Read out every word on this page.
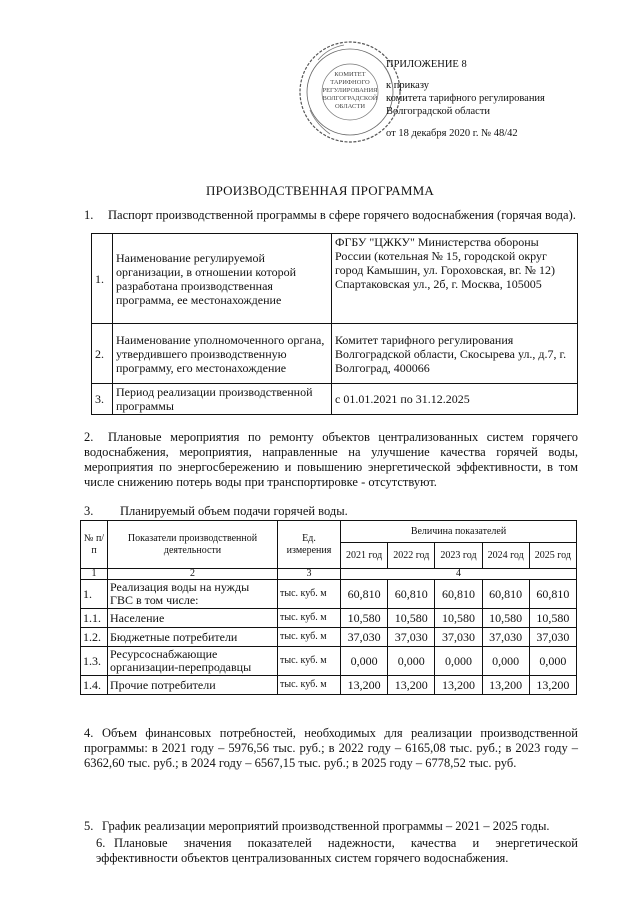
КОМИТЕТ
ТАРИФНОГО
РЕГУЛИРОВАНИЯ
ВОЛГОГРАДСКОЙ
ОБЛАСТИ
ПРИЛОЖЕНИЕ 8
к приказу
комитета тарифного регулирования
Волгоградской области
от 18 декабря 2020 г. № 48/42
ПРОИЗВОДСТВЕННАЯ ПРОГРАММА
1. Паспорт производственной программы в сфере горячего водоснабжения (горячая вода).
1.	Наименование регулируемой организации, в отношении которой разработана производственная программа, ее местонахождение	ФГБУ "ЦЖКУ" Министерства обороны России (котельная № 15, городской округ город Камышин, ул. Гороховская, вг. № 12) Спартаковская ул., 2б, г. Москва, 105005
2.	Наименование уполномоченного органа, утвердившего производственную программу, его местонахождение	Комитет тарифного регулирования Волгоградской области, Скосырева ул., д.7, г. Волгоград, 400066
3.	Период реализации производственной программы	с 01.01.2021 по 31.12.2025
2. Плановые мероприятия по ремонту объектов централизованных систем горячего водоснабжения, мероприятия, направленные на улучшение качества горячей воды, мероприятия по энергосбережению и повышению энергетической эффективности, в том числе снижению потерь воды при транспортировке - отсутствуют.
3. Планируемый объем подачи горячей воды.
№ п/п	Показатели производственной деятельности	Ед. измерения	Величина показателей				
			2021 год	2022 год	2023 год	2024 год	2025 год
1	2	3	4				
1.	Реализация воды на нужды ГВС в том числе:	тыс. куб. м	60,810	60,810	60,810	60,810	60,810
1.1.	Население	тыс. куб. м	10,580	10,580	10,580	10,580	10,580
1.2.	Бюджетные потребители	тыс. куб. м	37,030	37,030	37,030	37,030	37,030
1.3.	Ресурсоснабжающие организации-перепродавцы	тыс. куб. м	0,000	0,000	0,000	0,000	0,000
1.4.	Прочие потребители	тыс. куб. м	13,200	13,200	13,200	13,200	13,200
4. Объем финансовых потребностей, необходимых для реализации производственной программы: в 2021 году – 5976,56 тыс. руб.; в 2022 году – 6165,08 тыс. руб.; в 2023 году – 6362,60 тыс. руб.; в 2024 году – 6567,15 тыс. руб.; в 2025 году – 6778,52 тыс. руб.
5. График реализации мероприятий производственной программы – 2021 – 2025 годы.
6. Плановые значения показателей надежности, качества и энергетической эффективности объектов централизованных систем горячего водоснабжения.
